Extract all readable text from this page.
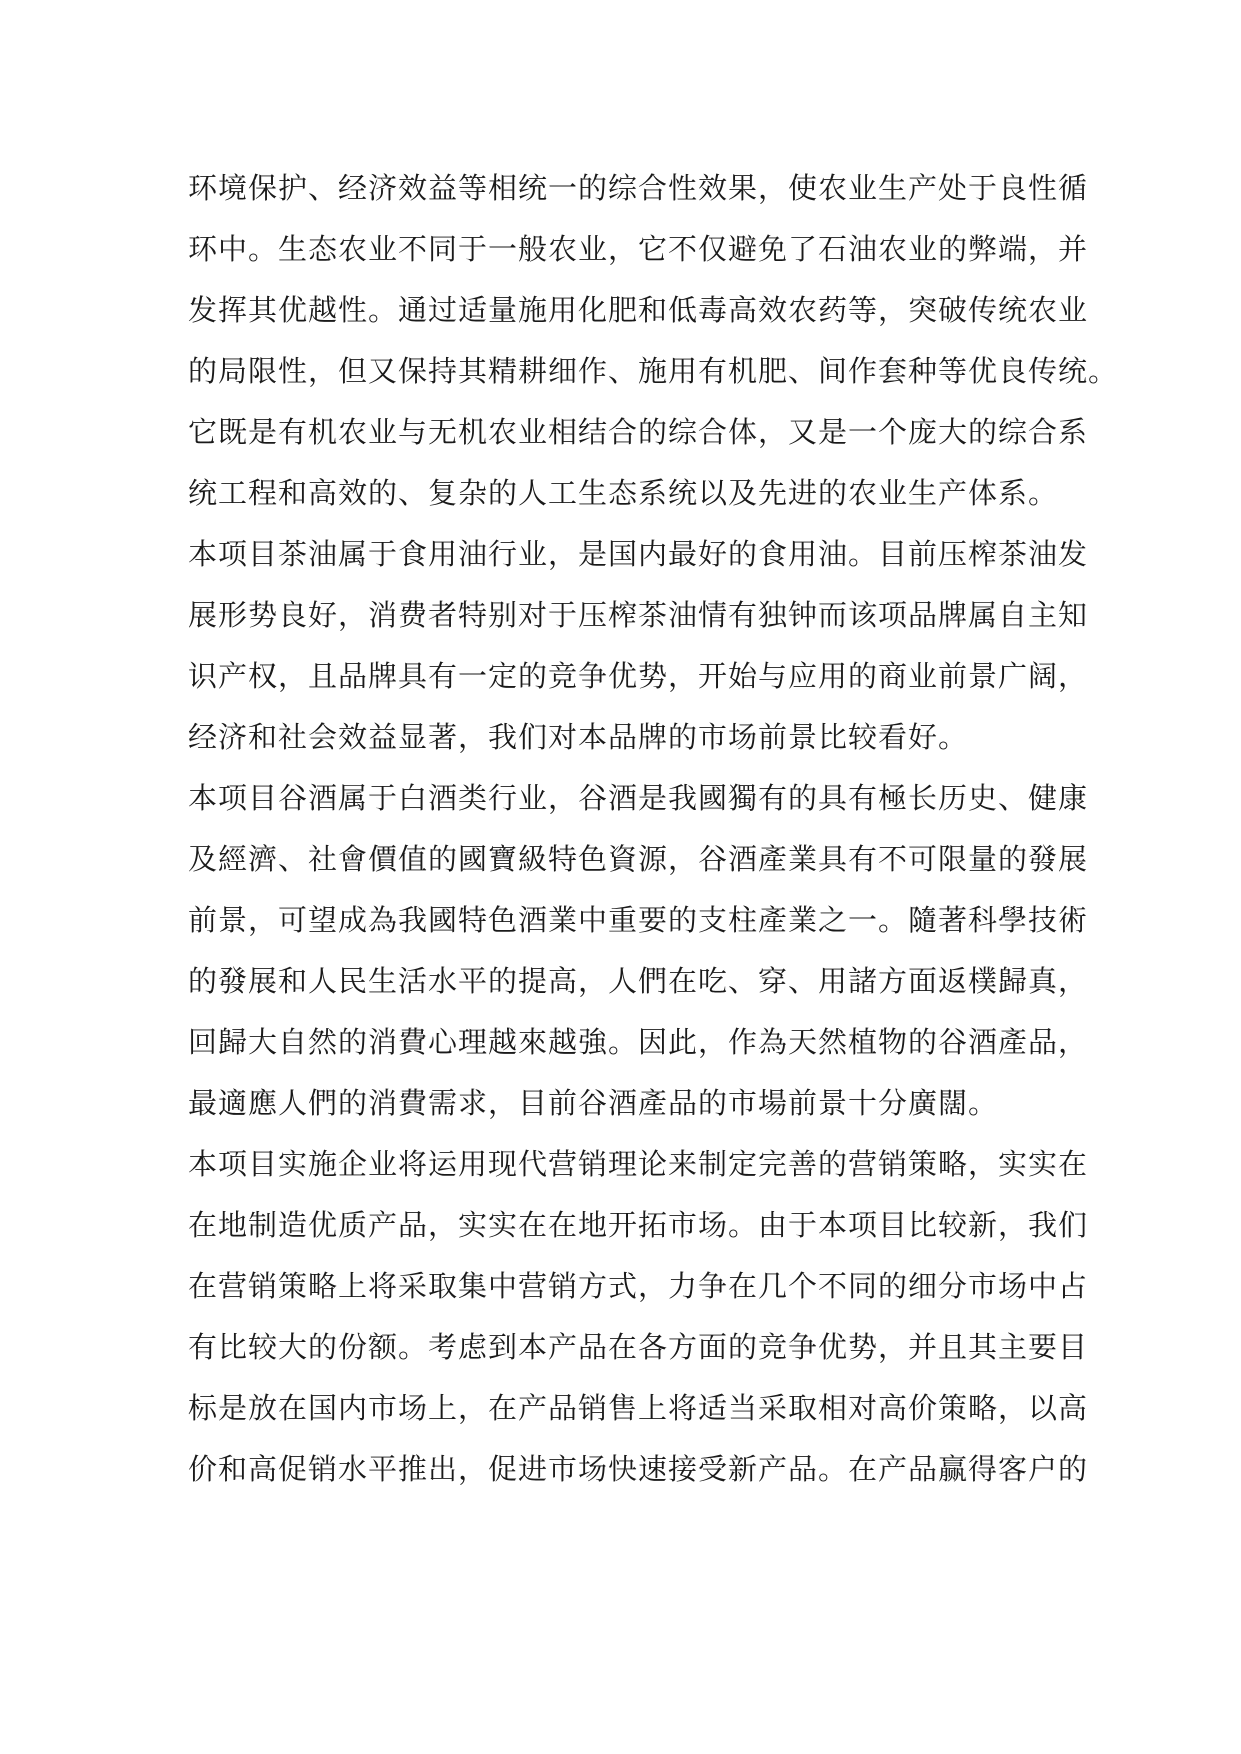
环境保护、经济效益等相统一的综合性效果，使农业生产处于良性循
环中。生态农业不同于一般农业，它不仅避免了石油农业的弊端，并
发挥其优越性。通过适量施用化肥和低毒高效农药等，突破传统农业
的局限性，但又保持其精耕细作、施用有机肥、间作套种等优良传统。
它既是有机农业与无机农业相结合的综合体，又是一个庞大的综合系
统工程和高效的、复杂的人工生态系统以及先进的农业生产体系。
本项目茶油属于食用油行业，是国内最好的食用油。目前压榨茶油发
展形势良好，消费者特别对于压榨茶油情有独钟而该项品牌属自主知
识产权，且品牌具有一定的竞争优势，开始与应用的商业前景广阔，
经济和社会效益显著，我们对本品牌的市场前景比较看好。
本项目谷酒属于白酒类行业，谷酒是我國獨有的具有極长历史、健康
及經濟、社會價值的國寶級特色資源，谷酒產業具有不可限量的發展
前景，可望成為我國特色酒業中重要的支柱產業之一。隨著科學技術
的發展和人民生活水平的提高，人們在吃、穿、用諸方面返樸歸真，
回歸大自然的消費心理越來越強。因此，作為天然植物的谷酒產品，
最適應人們的消費需求，目前谷酒產品的市場前景十分廣闊。
本项目实施企业将运用现代营销理论来制定完善的营销策略，实实在
在地制造优质产品，实实在在地开拓市场。由于本项目比较新，我们
在营销策略上将采取集中营销方式，力争在几个不同的细分市场中占
有比较大的份额。考虑到本产品在各方面的竞争优势，并且其主要目
标是放在国内市场上，在产品销售上将适当采取相对高价策略，以高
价和高促销水平推出，促进市场快速接受新产品。在产品赢得客户的
